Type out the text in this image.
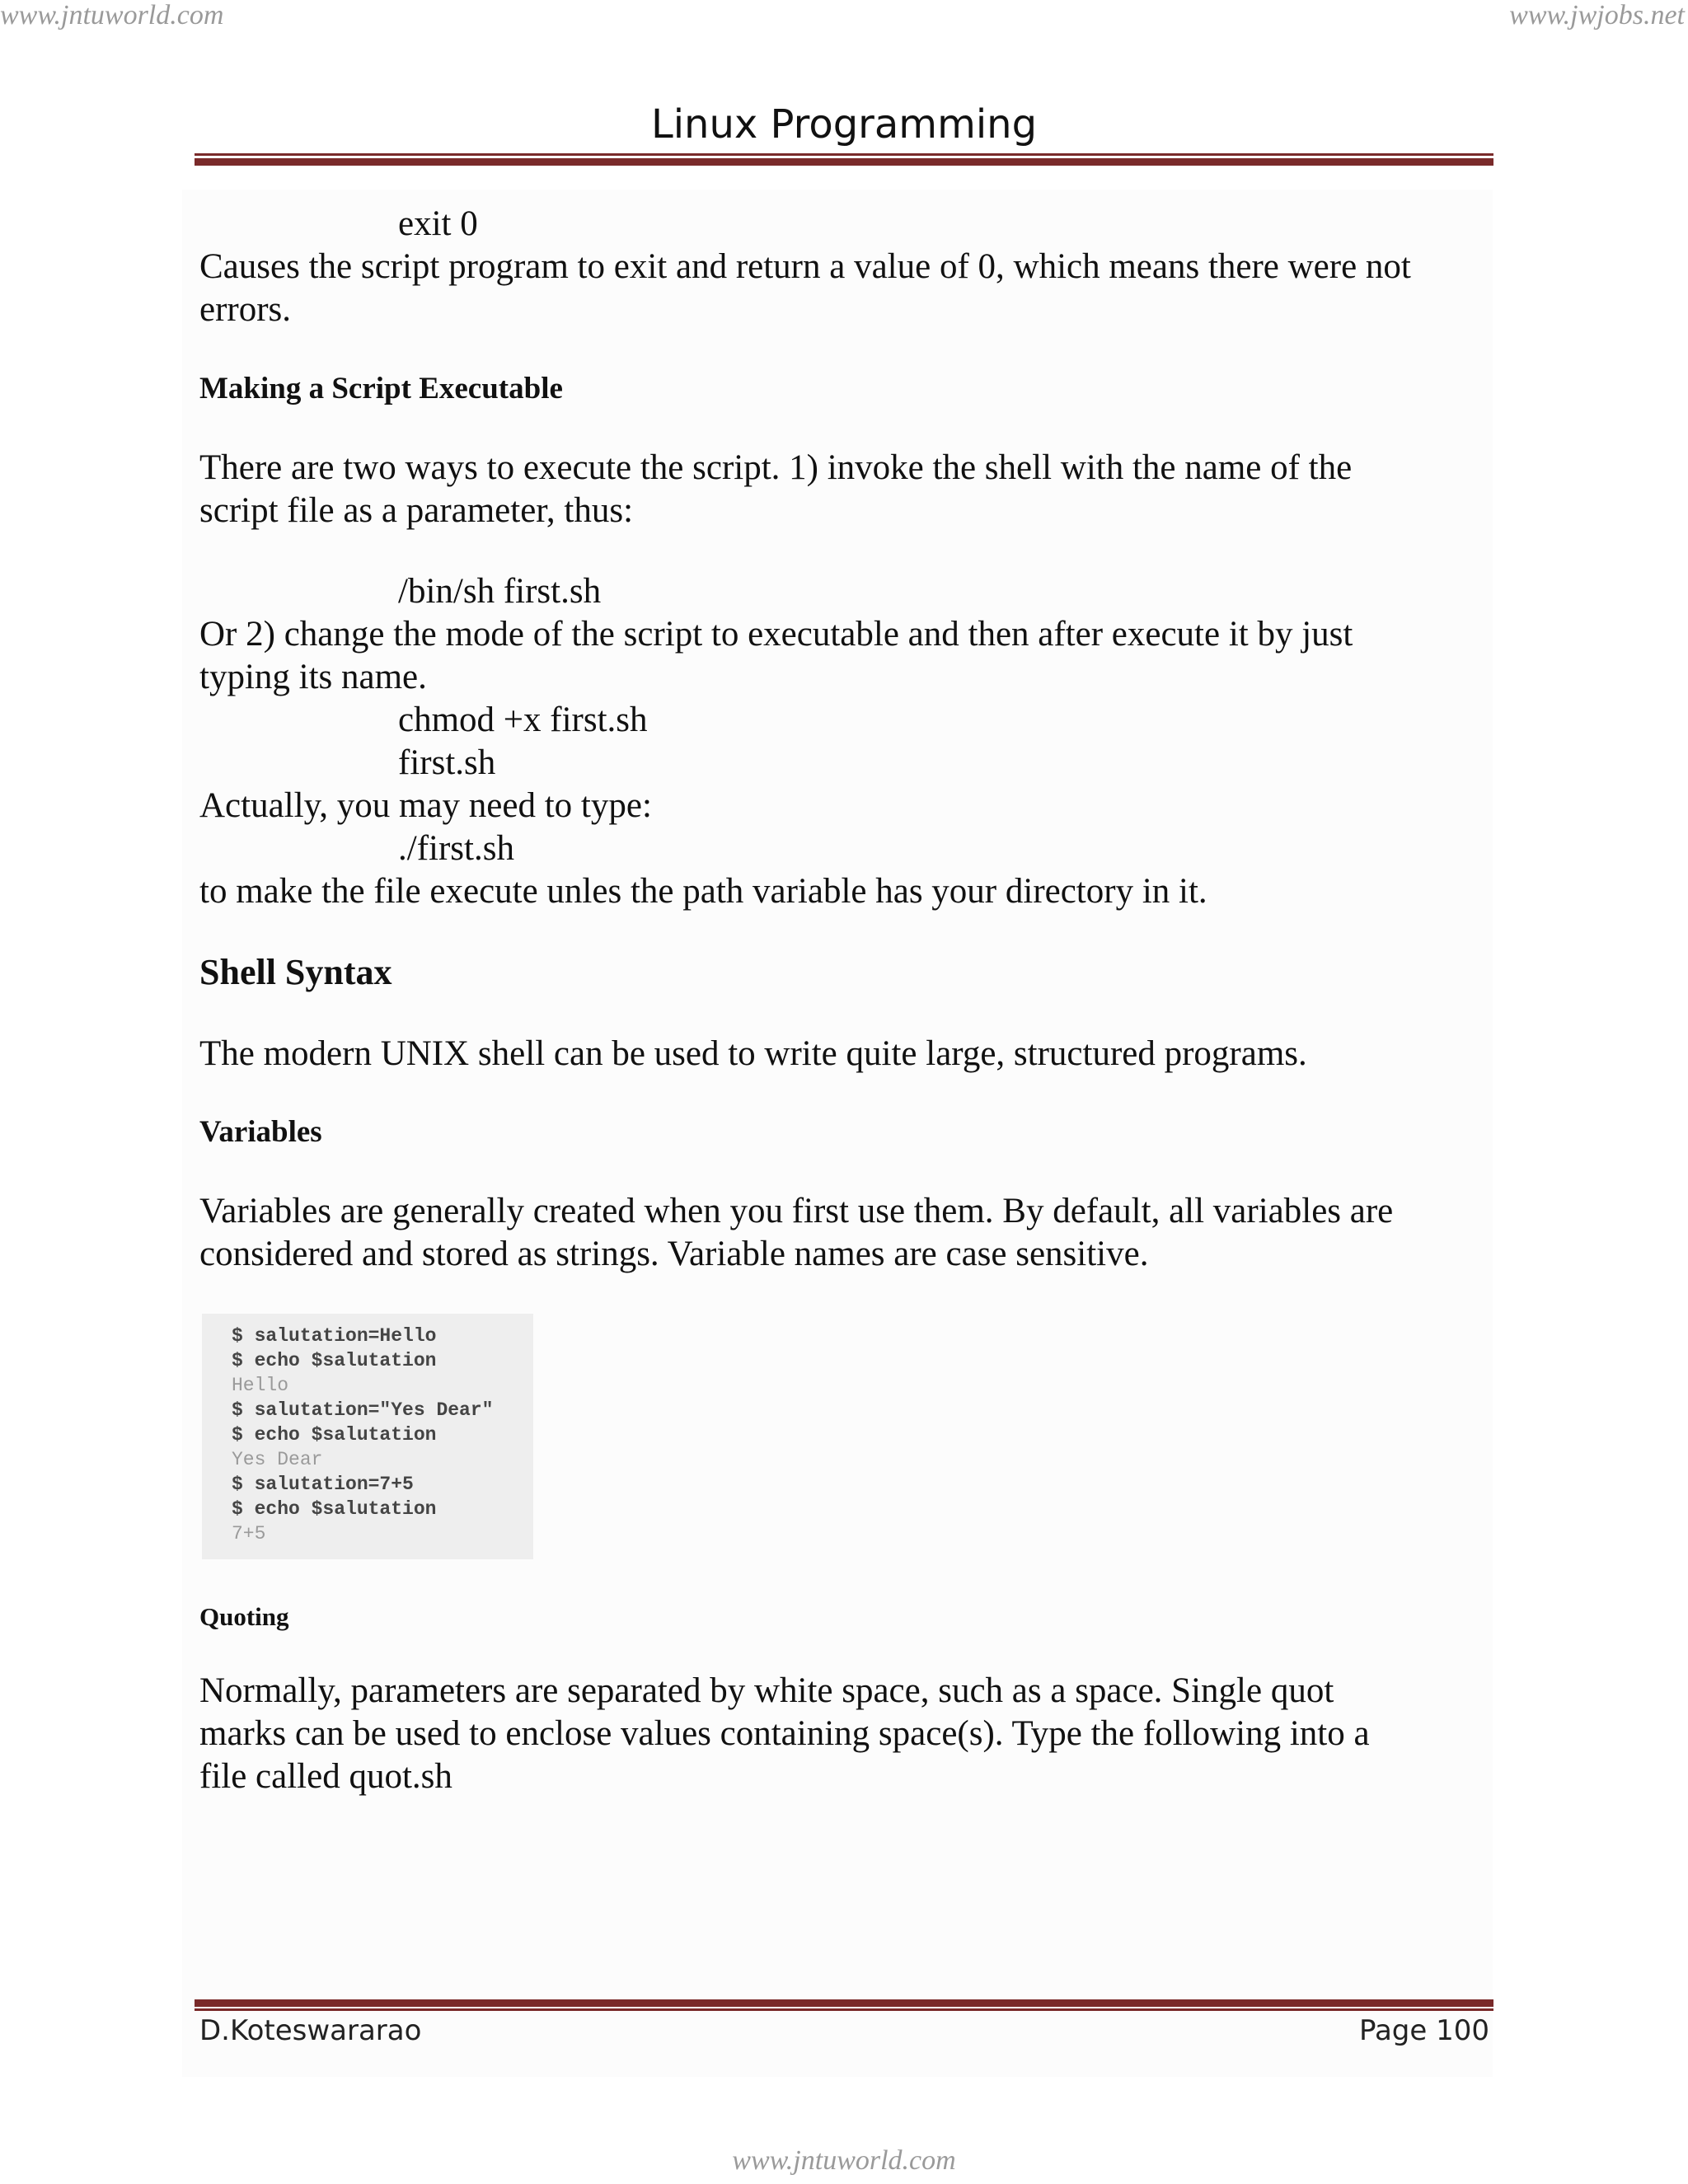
www.jntuworld.com	www.jwjobs.net
Linux Programming
exit 0
Causes the script program to exit and return a value of 0, which means there were not
errors.
Making a Script Executable
There are two ways to execute the script. 1) invoke the shell with the name of the
script file as a parameter, thus:
/bin/sh first.sh
Or 2) change the mode of the script to executable and then after execute it by just
typing its name.
chmod +x first.sh
first.sh
Actually, you may need to type:
./first.sh
to make the file execute unles the path variable has your directory in it.
Shell Syntax
The modern UNIX shell can be used to write quite large, structured programs.
Variables
Variables are generally created when you first use them. By default, all variables are
considered and stored as strings. Variable names are case sensitive.
$ salutation=Hello
$ echo $salutation
Hello
$ salutation="Yes Dear"
$ echo $salutation
Yes Dear
$ salutation=7+5
$ echo $salutation
7+5
Quoting
Normally, parameters are separated by white space, such as a space. Single quot
marks can be used to enclose values containing space(s). Type the following into a
file called quot.sh
D.Koteswararao	Page 100
www.jntuworld.com
